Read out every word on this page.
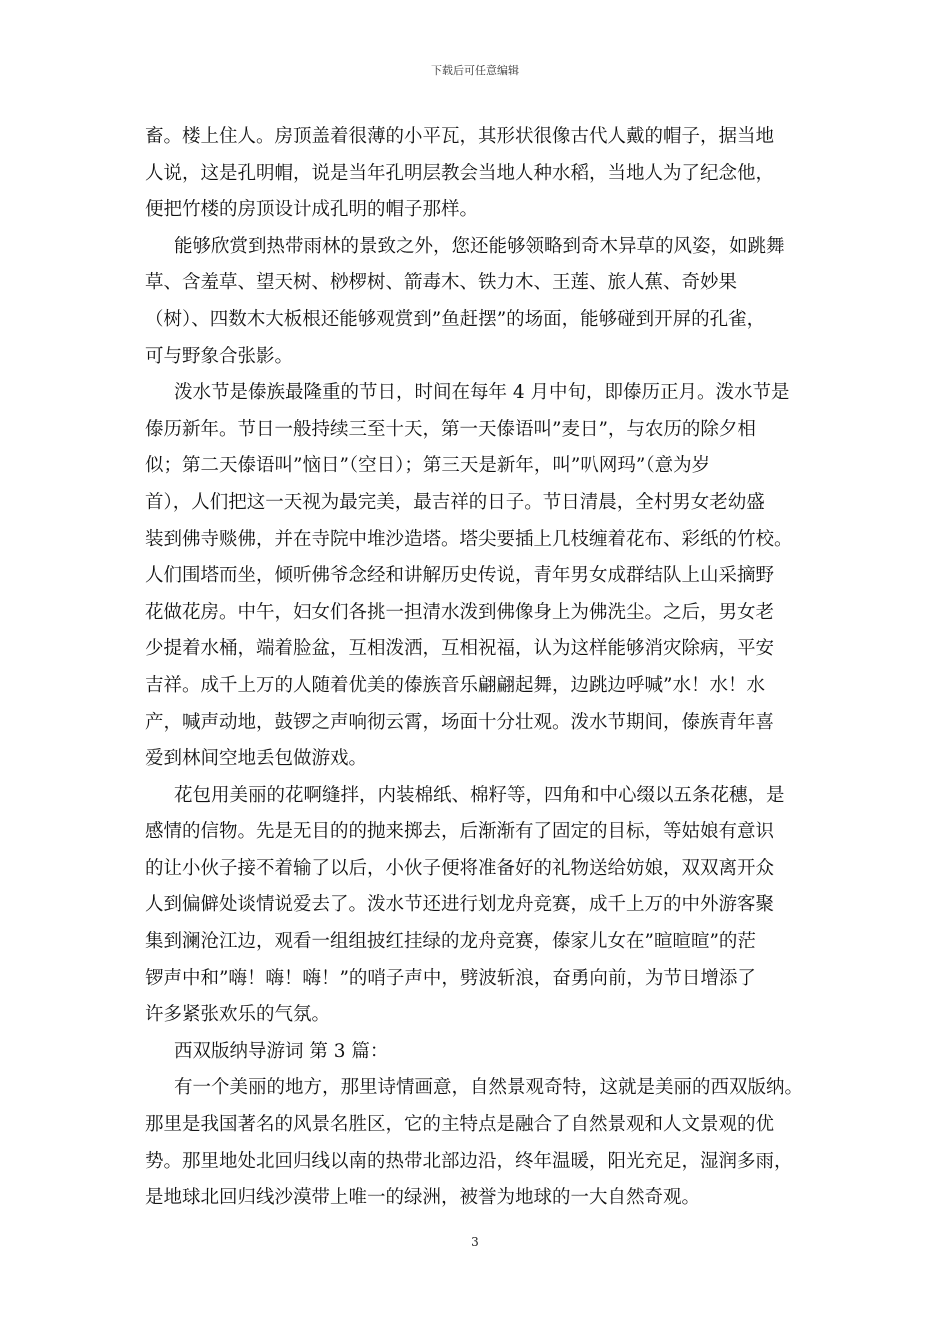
下载后可任意编辑
畜。楼上住人。房顶盖着很薄的小平瓦，其形状很像古代人戴的帽子，据当地
人说，这是孔明帽，说是当年孔明层教会当地人种水稻，当地人为了纪念他，
便把竹楼的房顶设计成孔明的帽子那样。
能够欣赏到热带雨林的景致之外，您还能够领略到奇木异草的风姿，如跳舞
草、含羞草、望天树、桫椤树、箭毒木、铁力木、王莲、旅人蕉、奇妙果
（树）、四数木大板根还能够观赏到”鱼赶摆”的场面，能够碰到开屏的孔雀，
可与野象合张影。
泼水节是傣族最隆重的节日，时间在每年 4 月中旬，即傣历正月。泼水节是
傣历新年。节日一般持续三至十天，第一天傣语叫”麦日”，与农历的除夕相
似；第二天傣语叫”恼日”（空日）；第三天是新年，叫”叭网玛”（意为岁
首），人们把这一天视为最完美，最吉祥的日子。节日清晨，全村男女老幼盛
装到佛寺赕佛，并在寺院中堆沙造塔。塔尖要插上几枝缠着花布、彩纸的竹校。
人们围塔而坐，倾听佛爷念经和讲解历史传说，青年男女成群结队上山采摘野
花做花房。中午，妇女们各挑一担清水泼到佛像身上为佛洗尘。之后，男女老
少提着水桶，端着脸盆，互相泼洒，互相祝福，认为这样能够消灾除病，平安
吉祥。成千上万的人随着优美的傣族音乐翩翩起舞，边跳边呼喊”水！水！水
产，喊声动地，鼓锣之声响彻云霄，场面十分壮观。泼水节期间，傣族青年喜
爱到林间空地丢包做游戏。
花包用美丽的花啊缝拌，内装棉纸、棉籽等，四角和中心缀以五条花穗，是
感情的信物。先是无目的的抛来掷去，后渐渐有了固定的目标，等姑娘有意识
的让小伙子接不着输了以后，小伙子便将准备好的礼物送给妨娘，双双离开众
人到偏僻处谈情说爱去了。泼水节还进行划龙舟竞赛，成千上万的中外游客聚
集到澜沧江边，观看一组组披红挂绿的龙舟竞赛，傣家儿女在”暄暄暄”的茫
锣声中和”嗨！嗨！嗨！”的哨子声中，劈波斩浪，奋勇向前，为节日增添了
许多紧张欢乐的气氛。
西双版纳导游词 第 3 篇：
有一个美丽的地方，那里诗情画意，自然景观奇特，这就是美丽的西双版纳。
那里是我国著名的风景名胜区，它的主特点是融合了自然景观和人文景观的优
势。那里地处北回归线以南的热带北部边沿，终年温暖，阳光充足，湿润多雨，
是地球北回归线沙漠带上唯一的绿洲，被誉为地球的一大自然奇观。
3
